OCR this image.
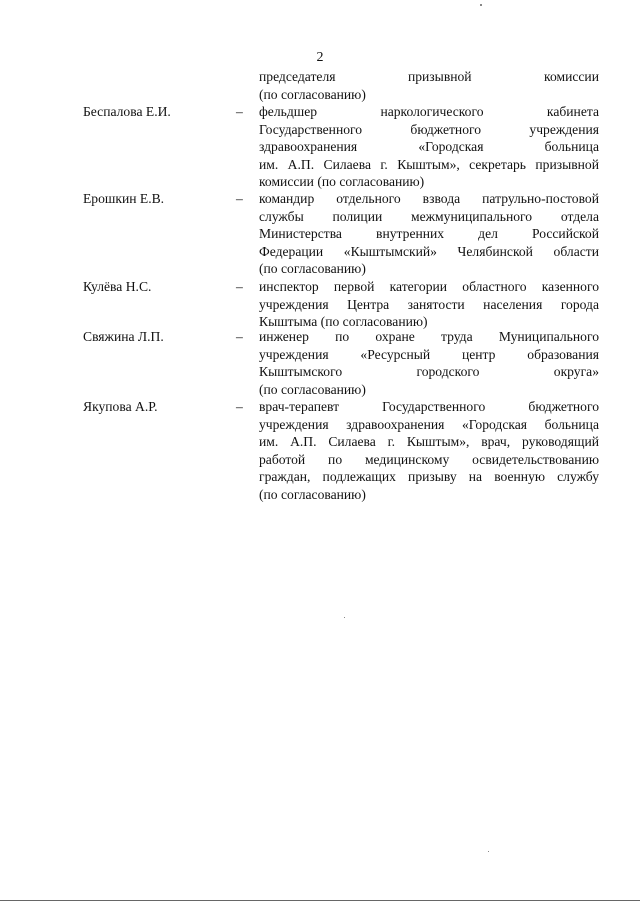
2
председателя призывной комиссии
(по согласованию)
Беспалова Е.И.	– фельдшер наркологического кабинета
Государственного бюджетного учреждения
здравоохранения «Городская больница
им. А.П. Силаева г. Кыштым», секретарь призывной
комиссии (по согласованию)
Ерошкин Е.В.	– командир отдельного взвода патрульно-постовой
службы полиции межмуниципального отдела
Министерства внутренних дел Российской
Федерации «Кыштымский» Челябинской области
(по согласованию)
Кулёва Н.С.	– инспектор первой категории областного казенного
учреждения Центра занятости населения города
Кыштыма (по согласованию)
Свяжина Л.П.	– инженер по охране труда Муниципального
учреждения «Ресурсный центр образования
Кыштымского городского округа»
(по согласованию)
Якупова А.Р.	– врач-терапевт Государственного бюджетного
учреждения здравоохранения «Городская больница
им. А.П. Силаева г. Кыштым», врач, руководящий
работой по медицинскому освидетельствованию
граждан, подлежащих призыву на военную службу
(по согласованию)
